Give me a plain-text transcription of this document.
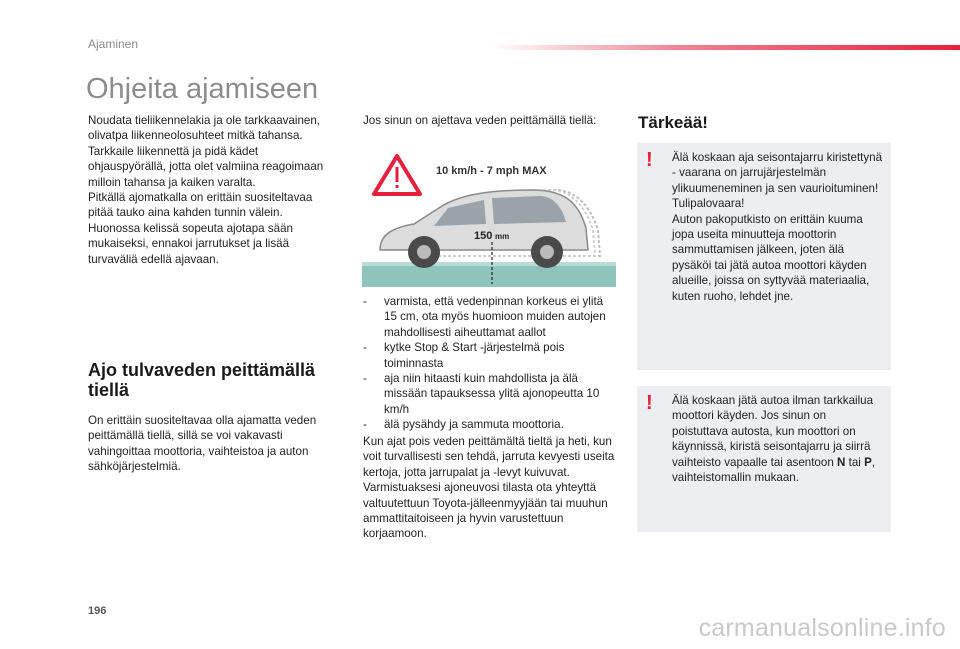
Ajaminen
Ohjeita ajamiseen

Noudata tieliikennelakia ja ole tarkkaavainen, olivatpa liikenneolosuhteet mitkä tahansa.

Tarkkaile liikennettä ja pidä kädet ohjauspyörällä, jotta olet valmiina reagoimaan milloin tahansa ja kaiken varalta.

Pitkällä ajomatkalla on erittäin suositeltavaa pitää tauko aina kahden tunnin välein.

Huonossa kelissä sopeuta ajotapa sään mukaiseksi, ennakoi jarrutukset ja lisää turvaväliä edellä ajavaan.

Ajo tulvaveden peittämällä tiellä
On erittäin suositeltavaa olla ajamatta veden peittämällä tiellä, sillä se voi vakavasti vahingoittaa moottoria, vaihteistoa ja auton sähköjärjestelmiä.
Jos sinun on ajettava veden peittämällä tiellä:
150 mm
10 km/h - 7 mph MAX
- varmista, että vedenpinnan korkeus ei ylitä 15 cm, ota myös huomioon muiden autojen mahdollisesti aiheuttamat aallot
- kytke Stop & Start -järjestelmä pois toiminnasta
- aja niin hitaasti kuin mahdollista ja älä missään tapauksessa ylitä ajonopeutta 10 km/h
- älä pysähdy ja sammuta moottoria.
Kun ajat pois veden peittämältä tieltä ja heti, kun voit turvallisesti sen tehdä, jarruta kevyesti useita kertoja, jotta jarrupalat ja -levyt kuivuvat. Varmistuaksesi ajoneuvosi tilasta ota yhteyttä valtuutettuun Toyota-jälleenmyyjään tai muuhun ammattitaitoiseen ja hyvin varustettuun korjaamoon.
Tärkeää!
! Älä koskaan aja seisontajarru kiristettynä - vaarana on jarrujärjestelmän ylikuumeneminen ja sen vaurioituminen!

Tulipalovaara!

Auton pakoputkisto on erittäin kuuma jopa useita minuutteja moottorin sammuttamisen jälkeen, joten älä pysäköi tai jätä autoa moottori käyden alueille, joissa on syttyvää materiaalia, kuten ruoho, lehdet jne.

! Älä koskaan jätä autoa ilman tarkkailua moottori käyden. Jos sinun on poistuttava autosta, kun moottori on käynnissä, kiristä seisontajarru ja siirrä vaihteisto vapaalle tai asentoon N tai P, vaihteistomallin mukaan.
196
carmanualsonline.info
